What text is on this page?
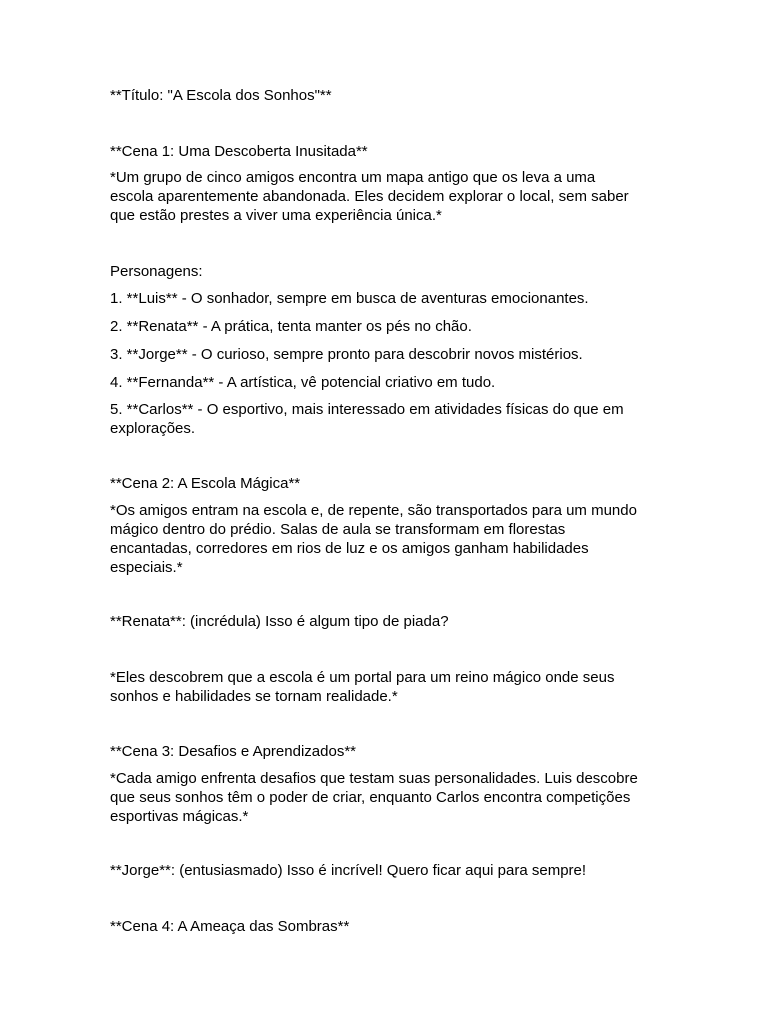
**Título: "A Escola dos Sonhos"**
**Cena 1: Uma Descoberta Inusitada**
*Um grupo de cinco amigos encontra um mapa antigo que os leva a uma
escola aparentemente abandonada. Eles decidem explorar o local, sem saber
que estão prestes a viver uma experiência única.*
Personagens:
1. **Luis** - O sonhador, sempre em busca de aventuras emocionantes.
2. **Renata** - A prática, tenta manter os pés no chão.
3. **Jorge** - O curioso, sempre pronto para descobrir novos mistérios.
4. **Fernanda** - A artística, vê potencial criativo em tudo.
5. **Carlos** - O esportivo, mais interessado em atividades físicas do que em
explorações.
**Cena 2: A Escola Mágica**
*Os amigos entram na escola e, de repente, são transportados para um mundo
mágico dentro do prédio. Salas de aula se transformam em florestas
encantadas, corredores em rios de luz e os amigos ganham habilidades
especiais.*
**Renata**: (incrédula) Isso é algum tipo de piada?
*Eles descobrem que a escola é um portal para um reino mágico onde seus
sonhos e habilidades se tornam realidade.*
**Cena 3: Desafios e Aprendizados**
*Cada amigo enfrenta desafios que testam suas personalidades. Luis descobre
que seus sonhos têm o poder de criar, enquanto Carlos encontra competições
esportivas mágicas.*
**Jorge**: (entusiasmado) Isso é incrível! Quero ficar aqui para sempre!
**Cena 4: A Ameaça das Sombras**
